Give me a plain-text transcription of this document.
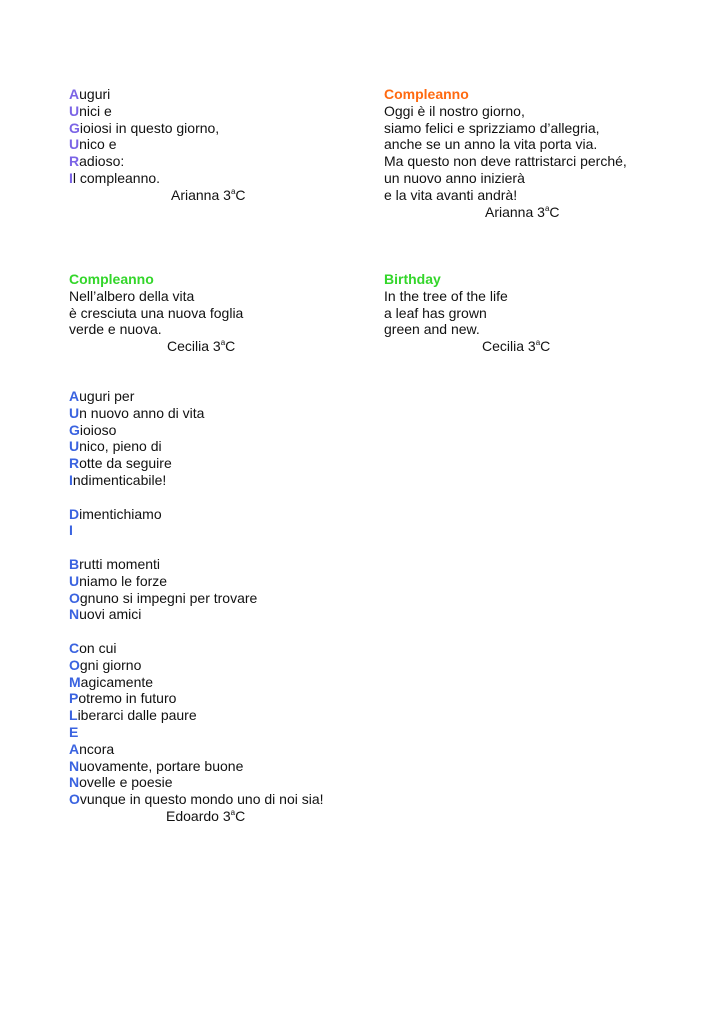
Auguri
Unici e
Gioiosi in questo giorno,
Unico e
Radioso:
Il compleanno.
Arianna 3$^a$C
Compleanno
Oggi è il nostro giorno,
siamo felici e sprizziamo d’allegria,
anche se un anno la vita porta via.
Ma questo non deve rattristarci perché,
un nuovo anno inizierà
e la vita avanti andrà!
Arianna 3$^a$C
Compleanno
Nell’albero della vita
è cresciuta una nuova foglia
verde e nuova.
Cecilia 3$^a$C
Birthday
In the tree of the life
a leaf has grown
green and new.
Cecilia 3$^a$C
Auguri per
Un nuovo anno di vita
Gioioso
Unico, pieno di
Rotte da seguire
Indimenticabile!
Dimentichiamo
I
Brutti momenti
Uniamo le forze
Ognuno si impegni per trovare
Nuovi amici
Con cui
Ogni giorno
Magicamente
Potremo in futuro
Liberarci dalle paure
E
Ancora
Nuovamente, portare buone
Novelle e poesie
Ovunque in questo mondo uno di noi sia!
Edoardo 3$^a$C
